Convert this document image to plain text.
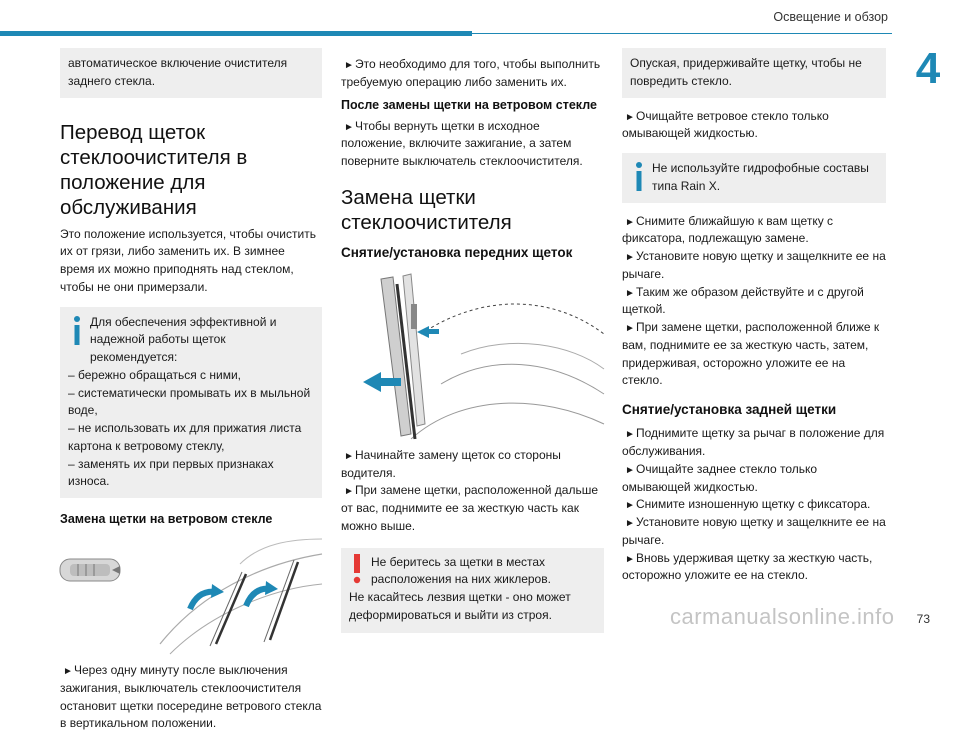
Освещение и обзор
4

автоматическое включение очистителя заднего стекла.

Перевод щеток стеклоочистителя в положение для обслуживания

Это положение используется, чтобы очистить их от грязи, либо заменить их. В зимнее время их можно приподнять над стеклом, чтобы не они примерзали.

Для обеспечения эффективной и надежной работы щеток рекомендуется:

– бережно обращаться с ними,
– систематически промывать их в мыльной воде,
– не использовать их для прижатия листа картона к ветровому стеклу,
– заменять их при первых признаках износа.
Замена щетки на ветровом стекле

►Через одну минуту после выключения зажигания, выключатель стеклоочистителя остановит щетки посередине ветрового стекла в вертикальном положении.

►Это необходимо для того, чтобы выполнить требуемую операцию либо заменить их.

После замены щетки на ветровом стекле

►Чтобы вернуть щетки в исходное положение, включите зажигание, а затем поверните выключатель стеклоочистителя.

Замена щетки стеклоочистителя
Снятие/установка передних щеток

►Начинайте замену щеток со стороны водителя.

►При замене щетки, расположенной дальше от вас, поднимите ее за жесткую часть как можно выше.

Не беритесь за щетки в местах расположения на них жиклеров.

Не касайтесь лезвия щетки - оно может деформироваться и выйти из строя.

Опуская, придерживайте щетку, чтобы не повредить стекло.

►Очищайте ветровое стекло только омывающей жидкостью.

Не используйте гидрофобные составы типа Rain X.

►Снимите ближайшую к вам щетку с фиксатора, подлежащую замене.

►Установите новую щетку и защелкните ее на рычаге.

►Таким же образом действуйте и с другой щеткой.

►При замене щетки, расположенной ближе к вам, поднимите ее за жесткую часть, затем, придерживая, осторожно уложите ее на стекло.

Снятие/установка задней щетки

►Поднимите щетку за рычаг в положение для обслуживания.

►Очищайте заднее стекло только омывающей жидкостью.

►Снимите изношенную щетку с фиксатора.

►Установите новую щетку и защелкните ее на рычаге.

►Вновь удерживая щетку за жесткую часть, осторожно уложите ее на стекло.

carmanualsonline.info 73
